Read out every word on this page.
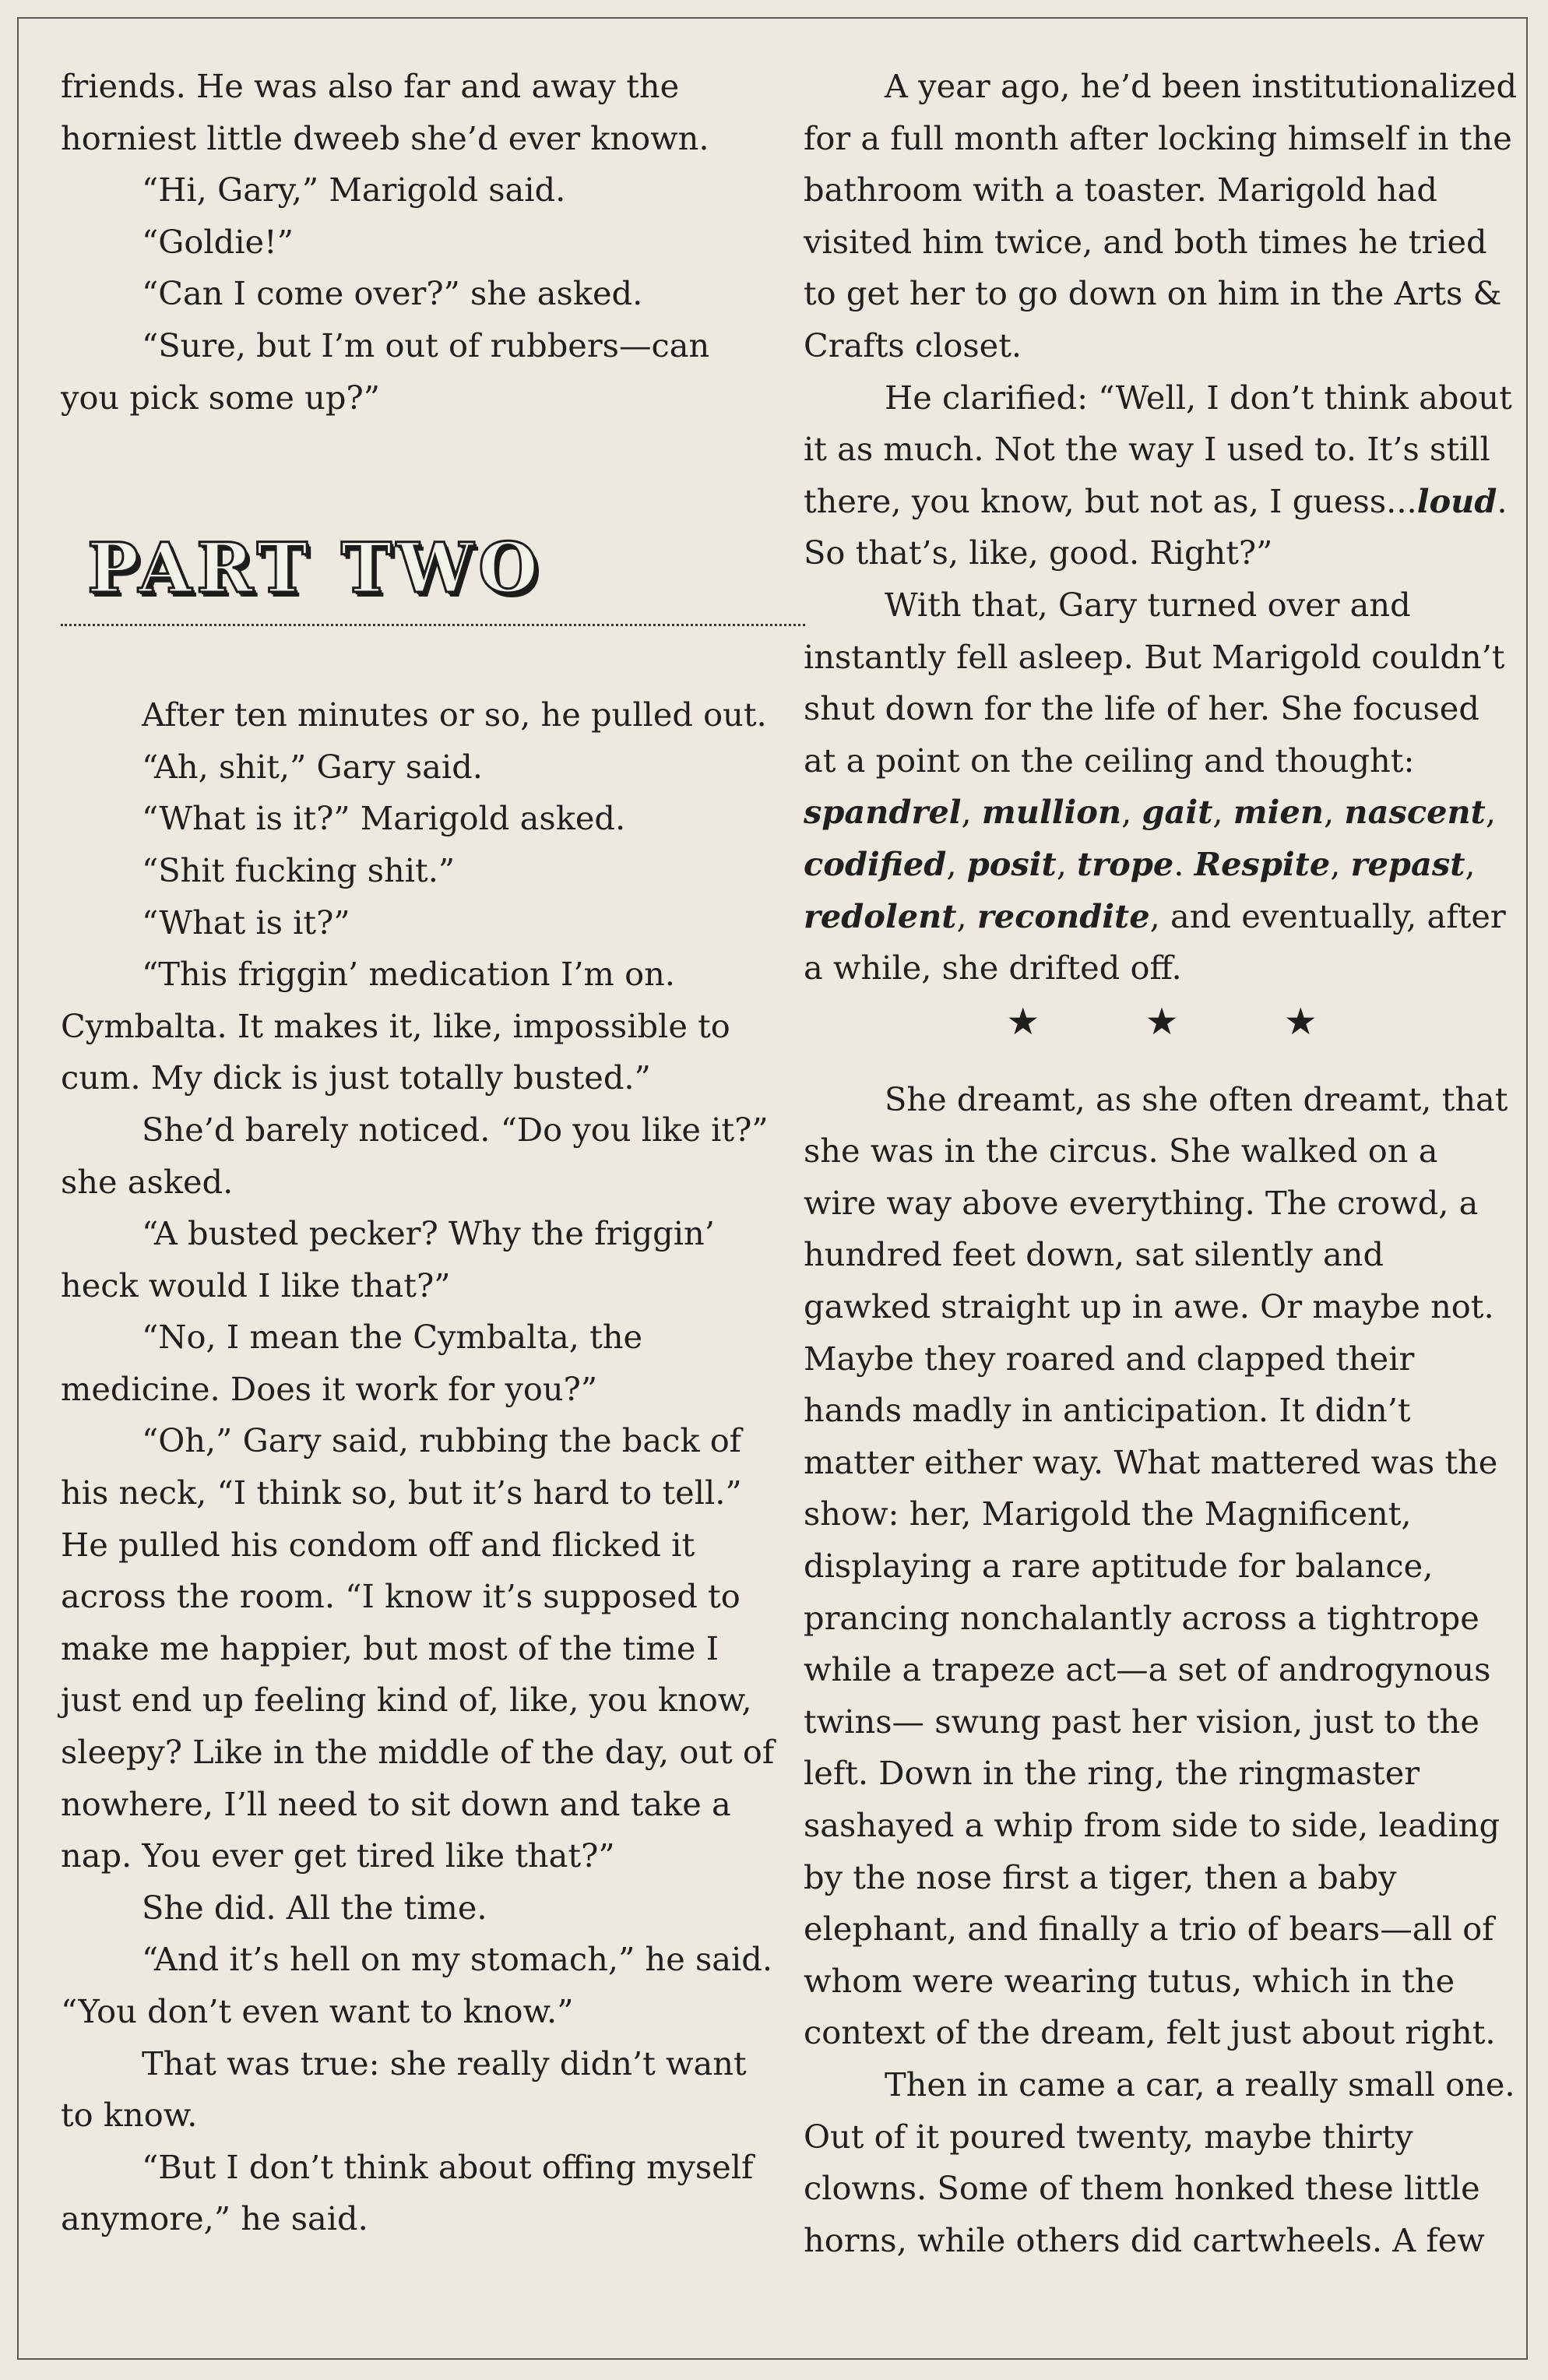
friends. He was also far and away the horniest little dweeb she’d ever known.

“Hi, Gary,” Marigold said.

“Goldie!”

“Can I come over?” she asked.

“Sure, but I’m out of rubbers—can you pick some up?”

PART TWO

After ten minutes or so, he pulled out.

“Ah, shit,” Gary said.

“What is it?” Marigold asked.

“Shit fucking shit.”

“What is it?”

“This friggin’ medication I’m on. Cymbalta. It makes it, like, impossible to cum. My dick is just totally busted.”

She’d barely noticed. “Do you like it?” she asked.

“A busted pecker? Why the friggin’ heck would I like that?”

“No, I mean the Cymbalta, the medicine. Does it work for you?”

“Oh,” Gary said, rubbing the back of his neck, “I think so, but it’s hard to tell.” He pulled his condom off and flicked it across the room. “I know it’s supposed to make me happier, but most of the time I just end up feeling kind of, like, you know, sleepy? Like in the middle of the day, out of nowhere, I’ll need to sit down and take a nap. You ever get tired like that?”

She did. All the time.

“And it’s hell on my stomach,” he said. “You don’t even want to know.”

That was true: she really didn’t want to know.

“But I don’t think about offing myself anymore,” he said.

A year ago, he’d been institutionalized for a full month after locking himself in the bathroom with a toaster. Marigold had visited him twice, and both times he tried to get her to go down on him in the Arts & Crafts closet.

He clarified: “Well, I don’t think about it as much. Not the way I used to. It’s still there, you know, but not as, I guess...loud. So that’s, like, good. Right?”

With that, Gary turned over and instantly fell asleep. But Marigold couldn’t shut down for the life of her. She focused at a point on the ceiling and thought: spandrel, mullion, gait, mien, nascent, codified, posit, trope. Respite, repast, redolent, recondite, and eventually, after a while, she drifted off.

★ ★ ★

She dreamt, as she often dreamt, that she was in the circus. She walked on a wire way above everything. The crowd, a hundred feet down, sat silently and gawked straight up in awe. Or maybe not. Maybe they roared and clapped their hands madly in anticipation. It didn’t matter either way. What mattered was the show: her, Marigold the Magnificent, displaying a rare aptitude for balance, prancing nonchalantly across a tightrope while a trapeze act—a set of androgynous twins— swung past her vision, just to the left. Down in the ring, the ringmaster sashayed a whip from side to side, leading by the nose first a tiger, then a baby elephant, and finally a trio of bears—all of whom were wearing tutus, which in the context of the dream, felt just about right.

Then in came a car, a really small one. Out of it poured twenty, maybe thirty clowns. Some of them honked these little horns, while others did cartwheels. A few
